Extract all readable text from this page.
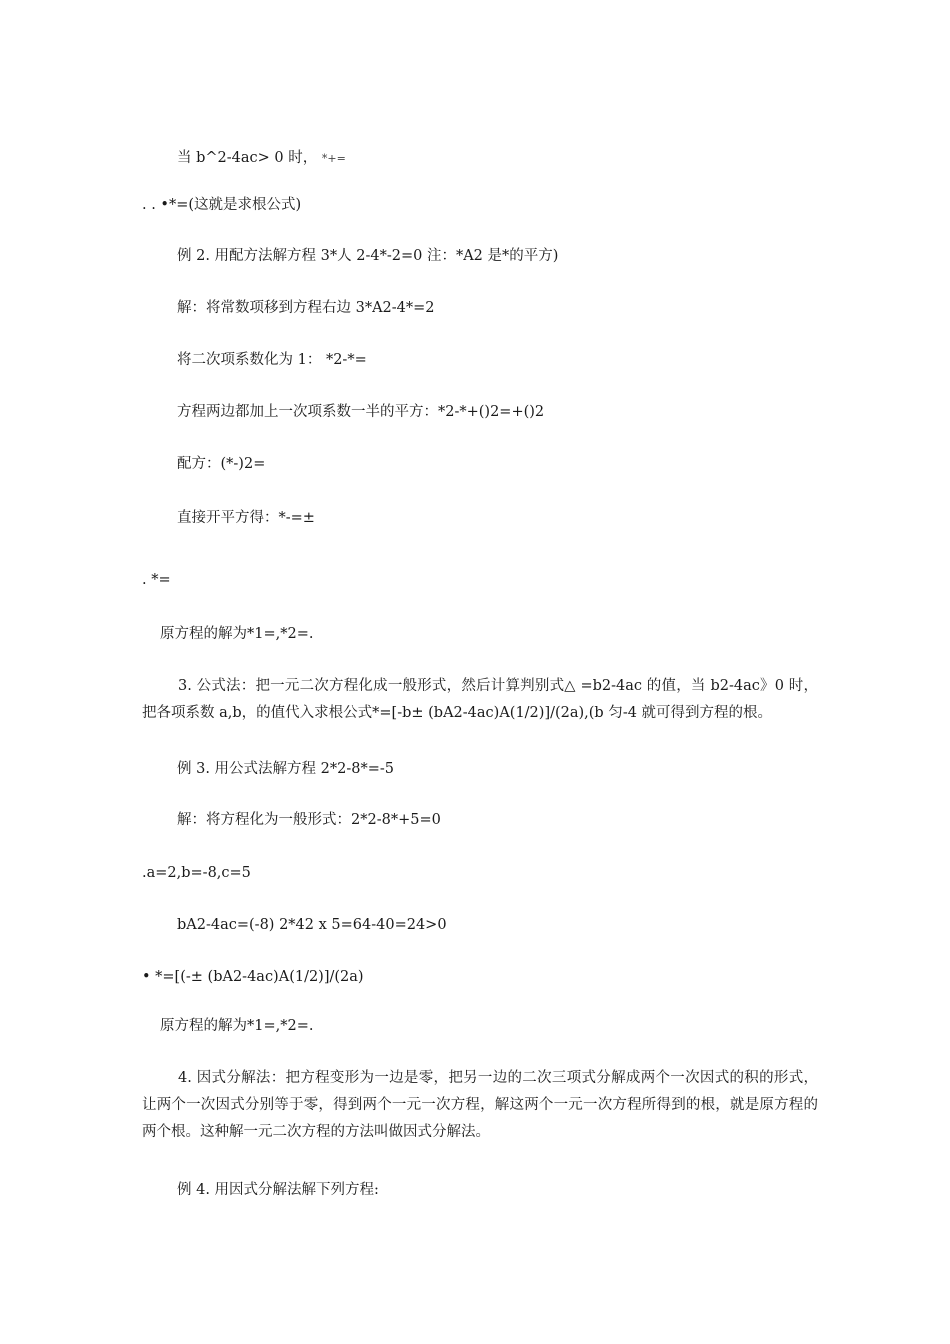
当 b^2-4ac> 0 时， *+=
. . •*=(这就是求根公式)
例 2. 用配方法解方程 3*人 2-4*-2=0 注：*A2 是*的平方)
解：将常数项移到方程右边 3*A2-4*=2
将二次项系数化为 1： *2-*=
方程两边都加上一次项系数一半的平方：*2-*+()2=+()2
配方：(*-)2=
直接开平方得：*-=±
. *=
原方程的解为*1=,*2=.
3. 公式法：把一元二次方程化成一般形式，然后计算判别式△ =b2-4ac 的值，当 b2-4ac》0 时，把各项系数 a,b，的值代入求根公式*=[-b± (bA2-4ac)A(1/2)]/(2a),(b 匀-4 就可得到方程的根。
例 3. 用公式法解方程 2*2-8*=-5
解：将方程化为一般形式：2*2-8*+5=0
.a=2,b=-8,c=5
bA2-4ac=(-8) 2*42 x 5=64-40=24>0
• *=[(-± (bA2-4ac)A(1/2)]/(2a)
原方程的解为*1=,*2=.
4. 因式分解法：把方程变形为一边是零，把另一边的二次三项式分解成两个一次因式的积的形式，让两个一次因式分别等于零，得到两个一元一次方程，解这两个一元一次方程所得到的根，就是原方程的两个根。这种解一元二次方程的方法叫做因式分解法。
例 4. 用因式分解法解下列方程:
